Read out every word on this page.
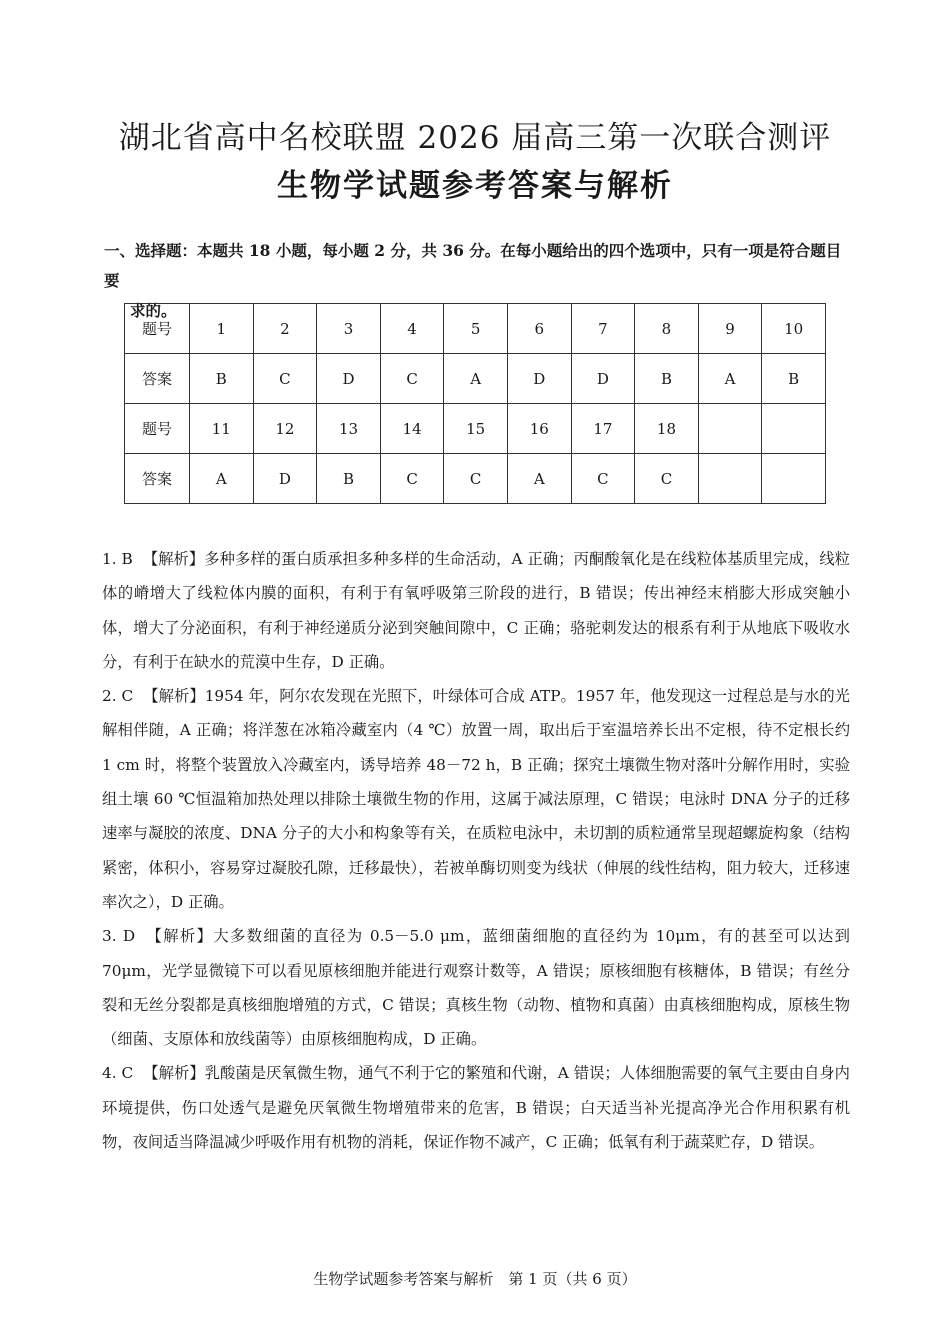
湖北省高中名校联盟 2026 届高三第一次联合测评
生物学试题参考答案与解析
一、选择题：本题共 18 小题，每小题 2 分，共 36 分。在每小题给出的四个选项中，只有一项是符合题目要
求的。
题号	1	2	3	4	5	6	7	8	9	10
答案	B	C	D	C	A	D	D	B	A	B
题号	11	12	13	14	15	16	17	18		
答案	A	D	B	C	C	A	C	C		

1. B 【解析】多种多样的蛋白质承担多种多样的生命活动，A 正确；丙酮酸氧化是在线粒体基质里完成，线粒体的嵴增大了线粒体内膜的面积，有利于有氧呼吸第三阶段的进行，B 错误；传出神经末梢膨大形成突触小体，增大了分泌面积，有利于神经递质分泌到突触间隙中，C 正确；骆驼刺发达的根系有利于从地底下吸收水分，有利于在缺水的荒漠中生存，D 正确。

2. C 【解析】1954 年，阿尔农发现在光照下，叶绿体可合成 ATP。1957 年，他发现这一过程总是与水的光解相伴随，A 正确；将洋葱在冰箱冷藏室内（4 ℃）放置一周，取出后于室温培养长出不定根，待不定根长约 1 cm 时，将整个装置放入冷藏室内，诱导培养 48－72 h，B 正确；探究土壤微生物对落叶分解作用时，实验组土壤 60 ℃恒温箱加热处理以排除土壤微生物的作用，这属于减法原理，C 错误；电泳时 DNA 分子的迁移速率与凝胶的浓度、DNA 分子的大小和构象等有关，在质粒电泳中，未切割的质粒通常呈现超螺旋构象（结构紧密，体积小，容易穿过凝胶孔隙，迁移最快），若被单酶切则变为线状（伸展的线性结构，阻力较大，迁移速率次之），D 正确。

3. D 【解析】大多数细菌的直径为 0.5－5.0 μm，蓝细菌细胞的直径约为 10μm，有的甚至可以达到 70μm，光学显微镜下可以看见原核细胞并能进行观察计数等，A 错误；原核细胞有核糖体，B 错误；有丝分裂和无丝分裂都是真核细胞增殖的方式，C 错误；真核生物（动物、植物和真菌）由真核细胞构成，原核生物（细菌、支原体和放线菌等）由原核细胞构成，D 正确。

4. C 【解析】乳酸菌是厌氧微生物，通气不利于它的繁殖和代谢，A 错误；人体细胞需要的氧气主要由自身内环境提供，伤口处透气是避免厌氧微生物增殖带来的危害，B 错误；白天适当补光提高净光合作用积累有机物，夜间适当降温减少呼吸作用有机物的消耗，保证作物不减产，C 正确；低氧有利于蔬菜贮存，D 错误。

生物学试题参考答案与解析　第 1 页（共 6 页）
